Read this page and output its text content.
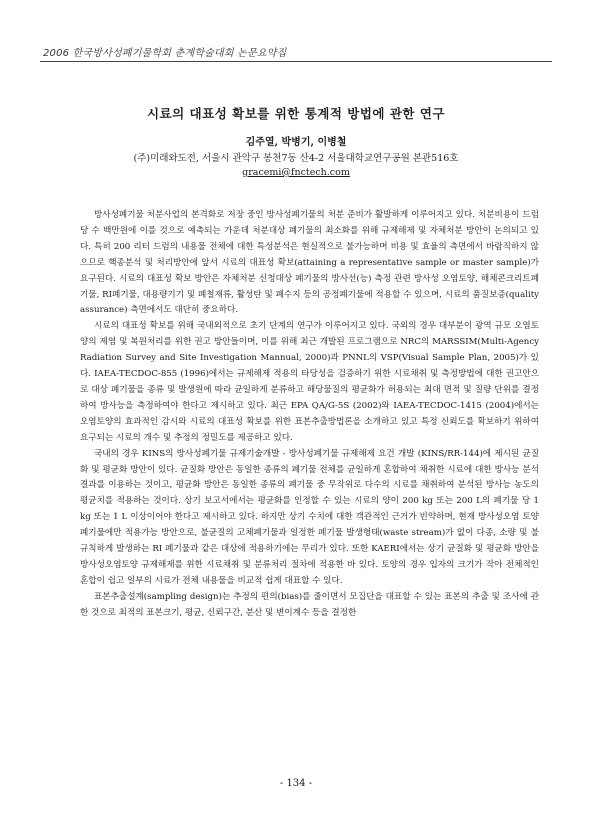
2006 한국방사성폐기물학회 춘계학술대회 논문요약집
시료의 대표성 확보를 위한 통계적 방법에 관한 연구
김주열, 박병기, 이병철
(주)미래와도전, 서울시 관악구 봉천7동 산4-2 서울대학교연구공원 본관516호
gracemi@fnctech.com

방사성폐기물 처분사업의 본격화로 저장 중인 방사성폐기물의 처분 준비가 활발하게 이루어지고 있다. 처분비용이 드럼 당 수 백만원에 이를 것으로 예측되는 가운데 처분대상 폐기물의 최소화를 위해 규제해제 및 자체처분 방안이 논의되고 있다. 특히 200 리터 드럼의 내용물 전체에 대한 특성분석은 현실적으로 불가능하며 비용 및 효율의 측면에서 바람직하지 않으므로 핵종분석 및 처리방안에 앞서 시료의 대표성 확보(attaining a representative sample or master sample)가 요구된다. 시료의 대표성 확보 방안은 자체처분 신청대상 폐기물의 방사선(능) 측정 관련 방사성 오염토양, 해체콘크리트폐기물, RI폐기물, 대용량기기 및 폐철재류, 활성탄 및 폐수지 등의 공정폐기물에 적용할 수 있으며, 시료의 품질보증(quality assurance) 측면에서도 대단히 중요하다.

시료의 대표성 확보를 위해 국내외적으로 초기 단계의 연구가 이루어지고 있다. 국외의 경우 대부분이 광역 규모 오염토양의 제염 및 복원처리를 위한 권고 방안들이며, 이를 위해 최근 개발된 프로그램으로 NRC의 MARSSIM(Multi-Agency Radiation Survey and Site Investigation Mannual, 2000)과 PNNL의 VSP(Visual Sample Plan, 2005)가 있다. IAEA-TECDOC-855 (1996)에서는 규제해제 적용의 타당성을 검증하기 위한 시료채취 및 측정방법에 대한 권고안으로 대상 폐기물을 종류 및 발생원에 따라 균일하게 분류하고 해당물질의 평균화가 허용되는 최대 면적 및 질량 단위를 결정하여 방사능을 측정하여야 한다고 제시하고 있다. 최근 EPA QA/G-5S (2002)와 IAEA-TECDOC-1415 (2004)에서는 오염토양의 효과적인 감시와 시료의 대표성 확보를 위한 표본추출방법론을 소개하고 있고 특정 신뢰도를 확보하기 위하여 요구되는 시료의 개수 및 추정의 정밀도를 제공하고 있다.

국내의 경우 KINS의 방사성폐기물 규제기술개발 - 방사성폐기물 규제해제 요건 개발 (KINS/RR-144)에 제시된 균질화 및 평균화 방안이 있다. 균질화 방안은 동일한 종류의 폐기물 전체를 균일하게 혼합하여 채취한 시료에 대한 방사능 분석결과를 이용하는 것이고, 평균화 방안은 동일한 종류의 폐기물 중 무작위로 다수의 시료를 채취하여 분석된 방사능 농도의 평균치를 적용하는 것이다. 상기 보고서에서는 평균화를 인정할 수 있는 시료의 양이 200 kg 또는 200 L의 폐기물 당 1 kg 또는 1 L 이상이어야 한다고 제시하고 있다. 하지만 상기 수치에 대한 객관적인 근거가 빈약하며, 현재 방사성오염 토양폐기물에만 적용가능 방안으로, 불균질의 고체폐기물과 일정한 폐기물 발생형태(waste stream)가 없이 다종, 소량 및 불규칙하게 발생하는 RI 폐기물과 같은 대상에 적용하기에는 무리가 있다. 또한 KAERI에서는 상기 균질화 및 평균화 방안을 방사성오염토양 규제해제를 위한 시료채취 및 분류처리 절차에 적용한 바 있다. 토양의 경우 입자의 크기가 작아 전체적인 혼합이 쉽고 일부의 시료가 전체 내용물을 비교적 쉽게 대표할 수 있다.

표본추출설계(sampling design)는 추정의 편의(bias)를 줄이면서 모집단을 대표할 수 있는 표본의 추출 및 조사에 관한 것으로 최적의 표본크기, 평균, 신뢰구간, 분산 및 변이계수 등을 결정한

- 134 -
